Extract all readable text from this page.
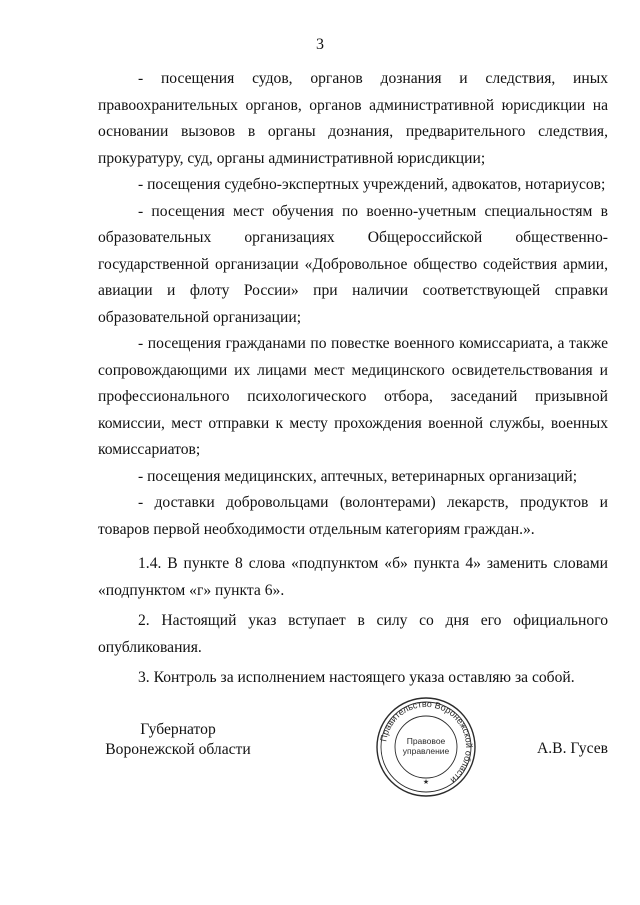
3

- посещения судов, органов дознания и следствия, иных правоохранительных органов, органов административной юрисдикции на основании вызовов в органы дознания, предварительного следствия, прокуратуру, суд, органы административной юрисдикции;

- посещения судебно-экспертных учреждений, адвокатов, нотариусов;

- посещения мест обучения по военно-учетным специальностям в образовательных организациях Общероссийской общественно-государственной организации «Добровольное общество содействия армии, авиации и флоту России» при наличии соответствующей справки образовательной организации;

- посещения гражданами по повестке военного комиссариата, а также сопровождающими их лицами мест медицинского освидетельствования и профессионального психологического отбора, заседаний призывной комиссии, мест отправки к месту прохождения военной службы, военных комиссариатов;

- посещения медицинских, аптечных, ветеринарных организаций;

- доставки добровольцами (волонтерами) лекарств, продуктов и товаров первой необходимости отдельным категориям граждан.».

1.4. В пункте 8 слова «подпунктом «б» пункта 4» заменить словами «подпунктом «г» пункта 6».

2. Настоящий указ вступает в силу со дня его официального опубликования.

3. Контроль за исполнением настоящего указа оставляю за собой.

Губернатор
Воронежской области
Правительство Воронежской области
Правовое
управление
★
А.В. Гусев
